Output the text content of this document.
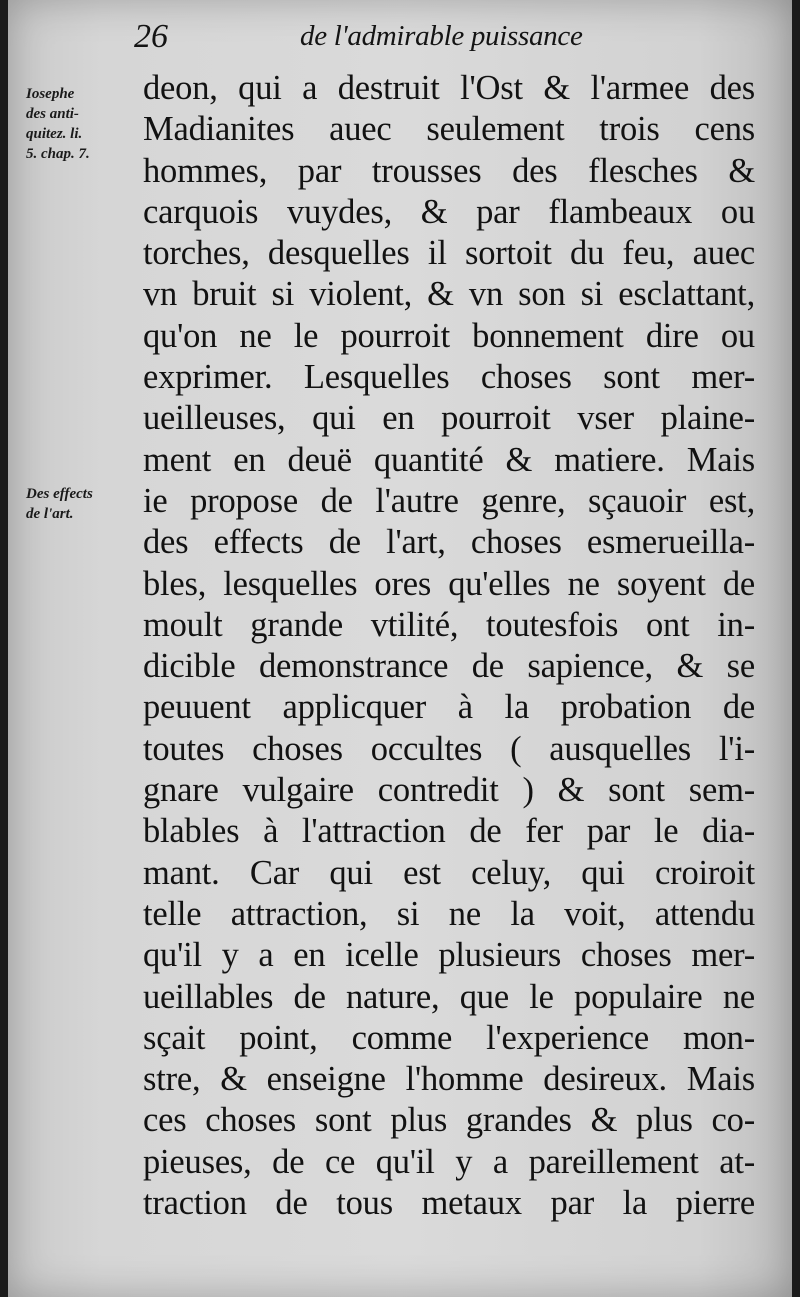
26	de l'admirable puissance
Iosephe
des anti-
quitez. li.
5. chap. 7.
Des effects
de l'art.
deon, qui a destruit l'Ost & l'armee des
Madianites auec seulement trois cens
hommes, par trousses des flesches &
carquois vuydes, & par flambeaux ou
torches, desquelles il sortoit du feu, auec
vn bruit si violent, & vn son si esclattant,
qu'on ne le pourroit bonnement dire ou
exprimer. Lesquelles choses sont mer-
ueilleuses, qui en pourroit vser plaine-
ment en deuë quantité & matiere. Mais
ie propose de l'autre genre, sçauoir est,
des effects de l'art, choses esmerueilla-
bles, lesquelles ores qu'elles ne soyent de
moult grande vtilité, toutesfois ont in-
dicible demonstrance de sapience, & se
peuuent applicquer à la probation de
toutes choses occultes ( ausquelles l'i-
gnare vulgaire contredit ) & sont sem-
blables à l'attraction de fer par le dia-
mant. Car qui est celuy, qui croiroit
telle attraction, si ne la voit, attendu
qu'il y a en icelle plusieurs choses mer-
ueillables de nature, que le populaire ne
sçait point, comme l'experience mon-
stre, & enseigne l'homme desireux. Mais
ces choses sont plus grandes & plus co-
pieuses, de ce qu'il y a pareillement at-
traction de tous metaux par la pierre
